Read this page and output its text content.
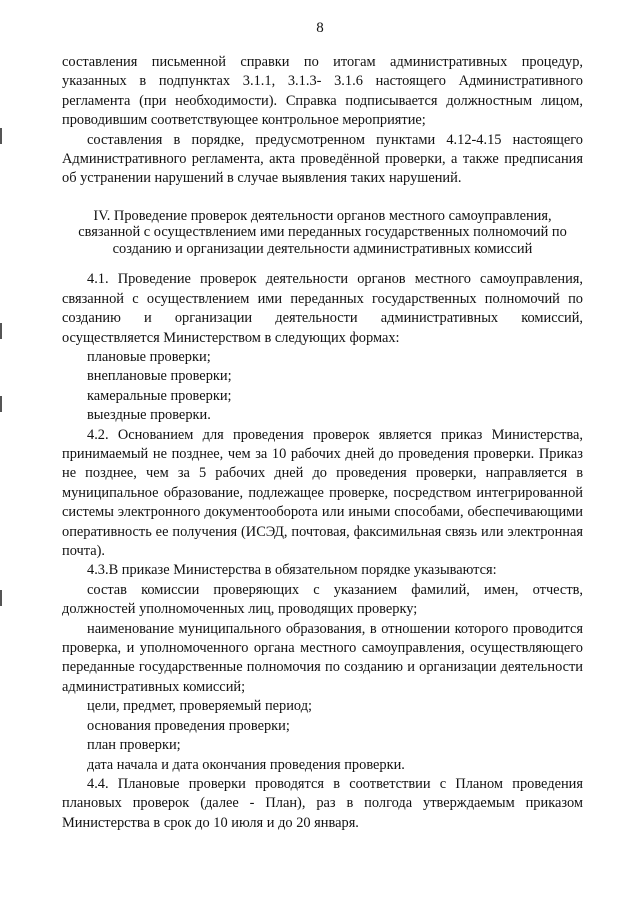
8

составления письменной справки по итогам административных процедур, указанных в подпунктах 3.1.1, 3.1.3- 3.1.6 настоящего Административного регламента (при необходимости). Справка подписывается должностным лицом, проводившим соответствующее контрольное мероприятие;

составления в порядке, предусмотренном пунктами 4.12-4.15 настоящего Административного регламента, акта проведённой проверки, а также предписания об устранении нарушений в случае выявления таких нарушений.

IV. Проведение проверок деятельности органов местного самоуправления, связанной с осуществлением ими переданных государственных полномочий по созданию и организации деятельности административных комиссий

4.1. Проведение проверок деятельности органов местного самоуправления, связанной с осуществлением ими переданных государственных полномочий по созданию и организации деятельности административных комиссий, осуществляется Министерством в следующих формах:

плановые проверки;

внеплановые проверки;

камеральные проверки;

выездные проверки.

4.2. Основанием для проведения проверок является приказ Министерства, принимаемый не позднее, чем за 10 рабочих дней до проведения проверки. Приказ не позднее, чем за 5 рабочих дней до проведения проверки, направляется в муниципальное образование, подлежащее проверке, посредством интегрированной системы электронного документооборота или иными способами, обеспечивающими оперативность ее получения (ИСЭД, почтовая, факсимильная связь или электронная почта).

4.3.В приказе Министерства в обязательном порядке указываются:

состав комиссии проверяющих с указанием фамилий, имен, отчеств, должностей уполномоченных лиц, проводящих проверку;

наименование муниципального образования, в отношении которого проводится проверка, и уполномоченного органа местного самоуправления, осуществляющего переданные государственные полномочия по созданию и организации деятельности административных комиссий;

цели, предмет, проверяемый период;

основания проведения проверки;

план проверки;

дата начала и дата окончания проведения проверки.

4.4. Плановые проверки проводятся в соответствии с Планом проведения плановых проверок (далее - План), раз в полгода утверждаемым приказом Министерства в срок до 10 июля и до 20 января.
